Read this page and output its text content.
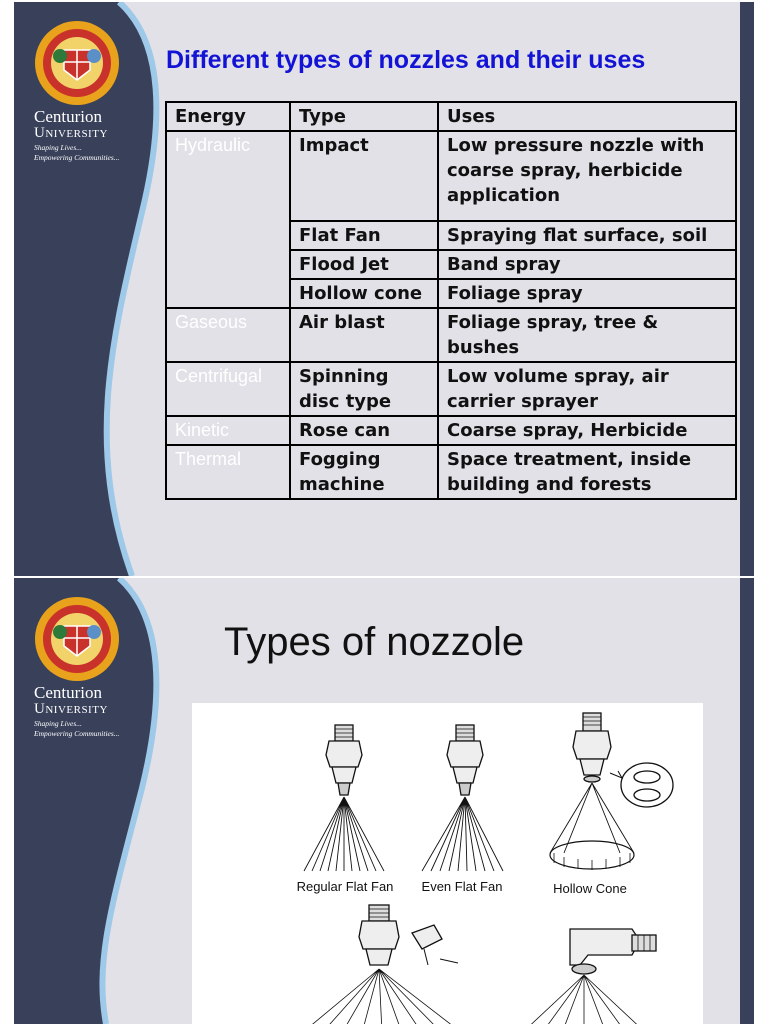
Centurion
University
Shaping Lives...
Empowering Communities...
Different types of nozzles and their uses
Energy	Type	Uses
Hydraulic	Impact	Low pressure nozzle with coarse spray, herbicide application
	Flat Fan	Spraying flat surface, soil
	Flood Jet	Band spray
	Hollow cone	Foliage spray
Gaseous	Air blast	Foliage spray, tree & bushes
Centrifugal	Spinning disc type	Low volume spray, air carrier sprayer
Kinetic	Rose can	Coarse spray, Herbicide
Thermal	Fogging machine	Space treatment, inside building and forests
Centurion
University
Shaping Lives...
Empowering Communities...
Types of nozzole
Regular Flat Fan Even Flat Fan	Hollow Cone
